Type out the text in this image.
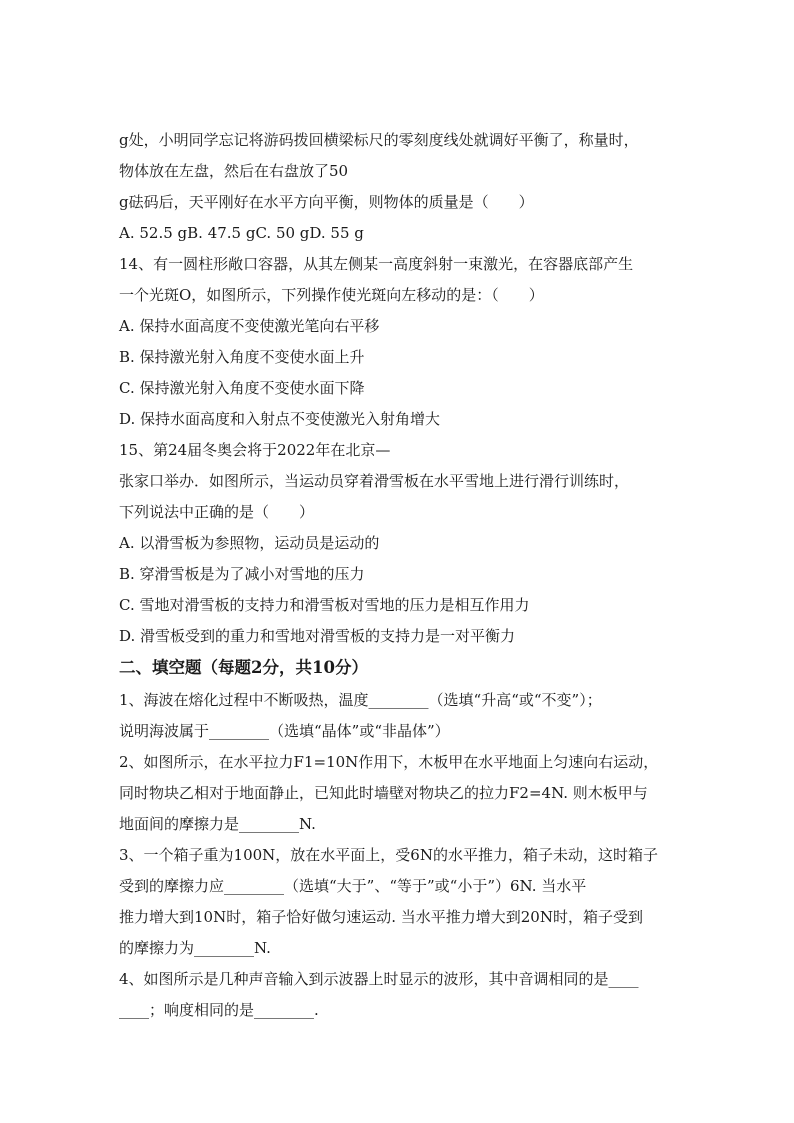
g处，小明同学忘记将游码拨回横梁标尺的零刻度线处就调好平衡了，称量时，
物体放在左盘，然后在右盘放了50
g砝码后，天平刚好在水平方向平衡，则物体的质量是（　　）
A. 52.5 gB. 47.5 gC. 50 gD. 55 g
14、有一圆柱形敞口容器，从其左侧某一高度斜射一束激光，在容器底部产生
一个光斑O，如图所示，下列操作使光斑向左移动的是：（　　）
A. 保持水面高度不变使激光笔向右平移
B. 保持激光射入角度不变使水面上升
C. 保持激光射入角度不变使水面下降
D. 保持水面高度和入射点不变使激光入射角增大
15、第24届冬奥会将于2022年在北京—
张家口举办．如图所示，当运动员穿着滑雪板在水平雪地上进行滑行训练时，
下列说法中正确的是（　　）
A. 以滑雪板为参照物，运动员是运动的
B. 穿滑雪板是为了减小对雪地的压力
C. 雪地对滑雪板的支持力和滑雪板对雪地的压力是相互作用力
D. 滑雪板受到的重力和雪地对滑雪板的支持力是一对平衡力
二、填空题（每题2分，共10分）
1、海波在熔化过程中不断吸热，温度________（选填“升高“或“不变”）；
说明海波属于________（选填“晶体”或“非晶体”）
2、如图所示，在水平拉力F1=10N作用下，木板甲在水平地面上匀速向右运动，
同时物块乙相对于地面静止，已知此时墙壁对物块乙的拉力F2=4N. 则木板甲与
地面间的摩擦力是________N.
3、一个箱子重为100N，放在水平面上，受6N的水平推力，箱子未动，这时箱子
受到的摩擦力应________（选填“大于”、“等于”或“小于”）6N. 当水平
推力增大到10N时，箱子恰好做匀速运动. 当水平推力增大到20N时，箱子受到
的摩擦力为________N.
4、如图所示是几种声音输入到示波器上时显示的波形，其中音调相同的是____
____；响度相同的是________.
